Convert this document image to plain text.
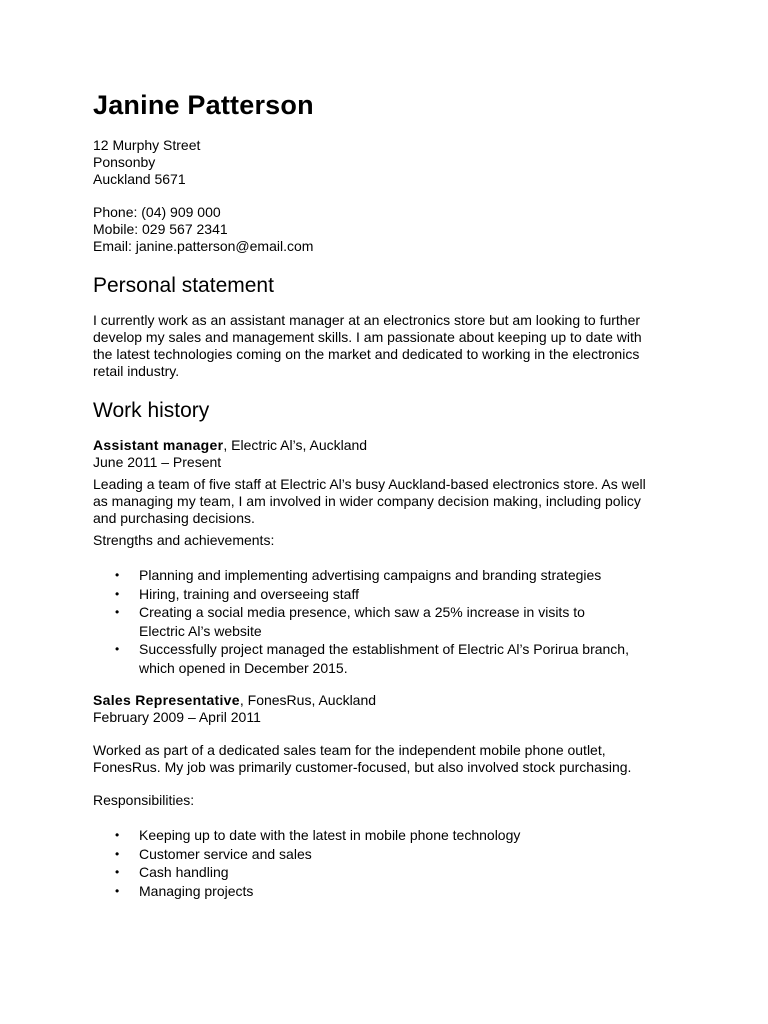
Janine Patterson

12 Murphy Street

Ponsonby

Auckland 5671

Phone: (04) 909 000

Mobile: 029 567 2341

Email: janine.patterson@email.com

Personal statement

I currently work as an assistant manager at an electronics store but am looking to further develop my sales and management skills. I am passionate about keeping up to date with the latest technologies coming on the market and dedicated to working in the electronics retail industry.

Work history

Assistant manager, Electric Al’s, Auckland

June 2011 – Present

Leading a team of five staff at Electric Al’s busy Auckland-based electronics store. As well as managing my team, I am involved in wider company decision making, including policy and purchasing decisions.

Strengths and achievements:

• Planning and implementing advertising campaigns and branding strategies
• Hiring, training and overseeing staff
• Creating a social media presence, which saw a 25% increase in visits to Electric Al’s website
• Successfully project managed the establishment of Electric Al’s Porirua branch, which opened in December 2015.

Sales Representative, FonesRus, Auckland

February 2009 – April 2011

Worked as part of a dedicated sales team for the independent mobile phone outlet, FonesRus. My job was primarily customer-focused, but also involved stock purchasing.

Responsibilities:

• Keeping up to date with the latest in mobile phone technology
• Customer service and sales
• Cash handling
• Managing projects
